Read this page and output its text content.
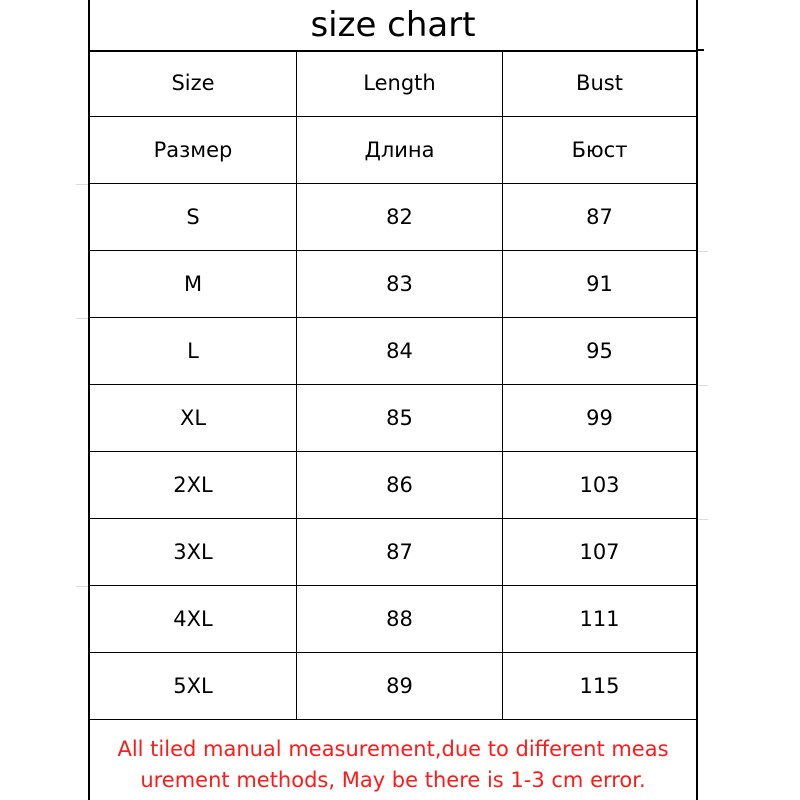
size chart
Size	Length	Bust
Размер	Длина	Бюст
S	82	87
M	83	91
L	84	95
XL	85	99
2XL	86	103
3XL	87	107
4XL	88	111
5XL	89	115
All tiled manual measurement,due to different meas
urement methods, May be there is 1-3 cm error.
